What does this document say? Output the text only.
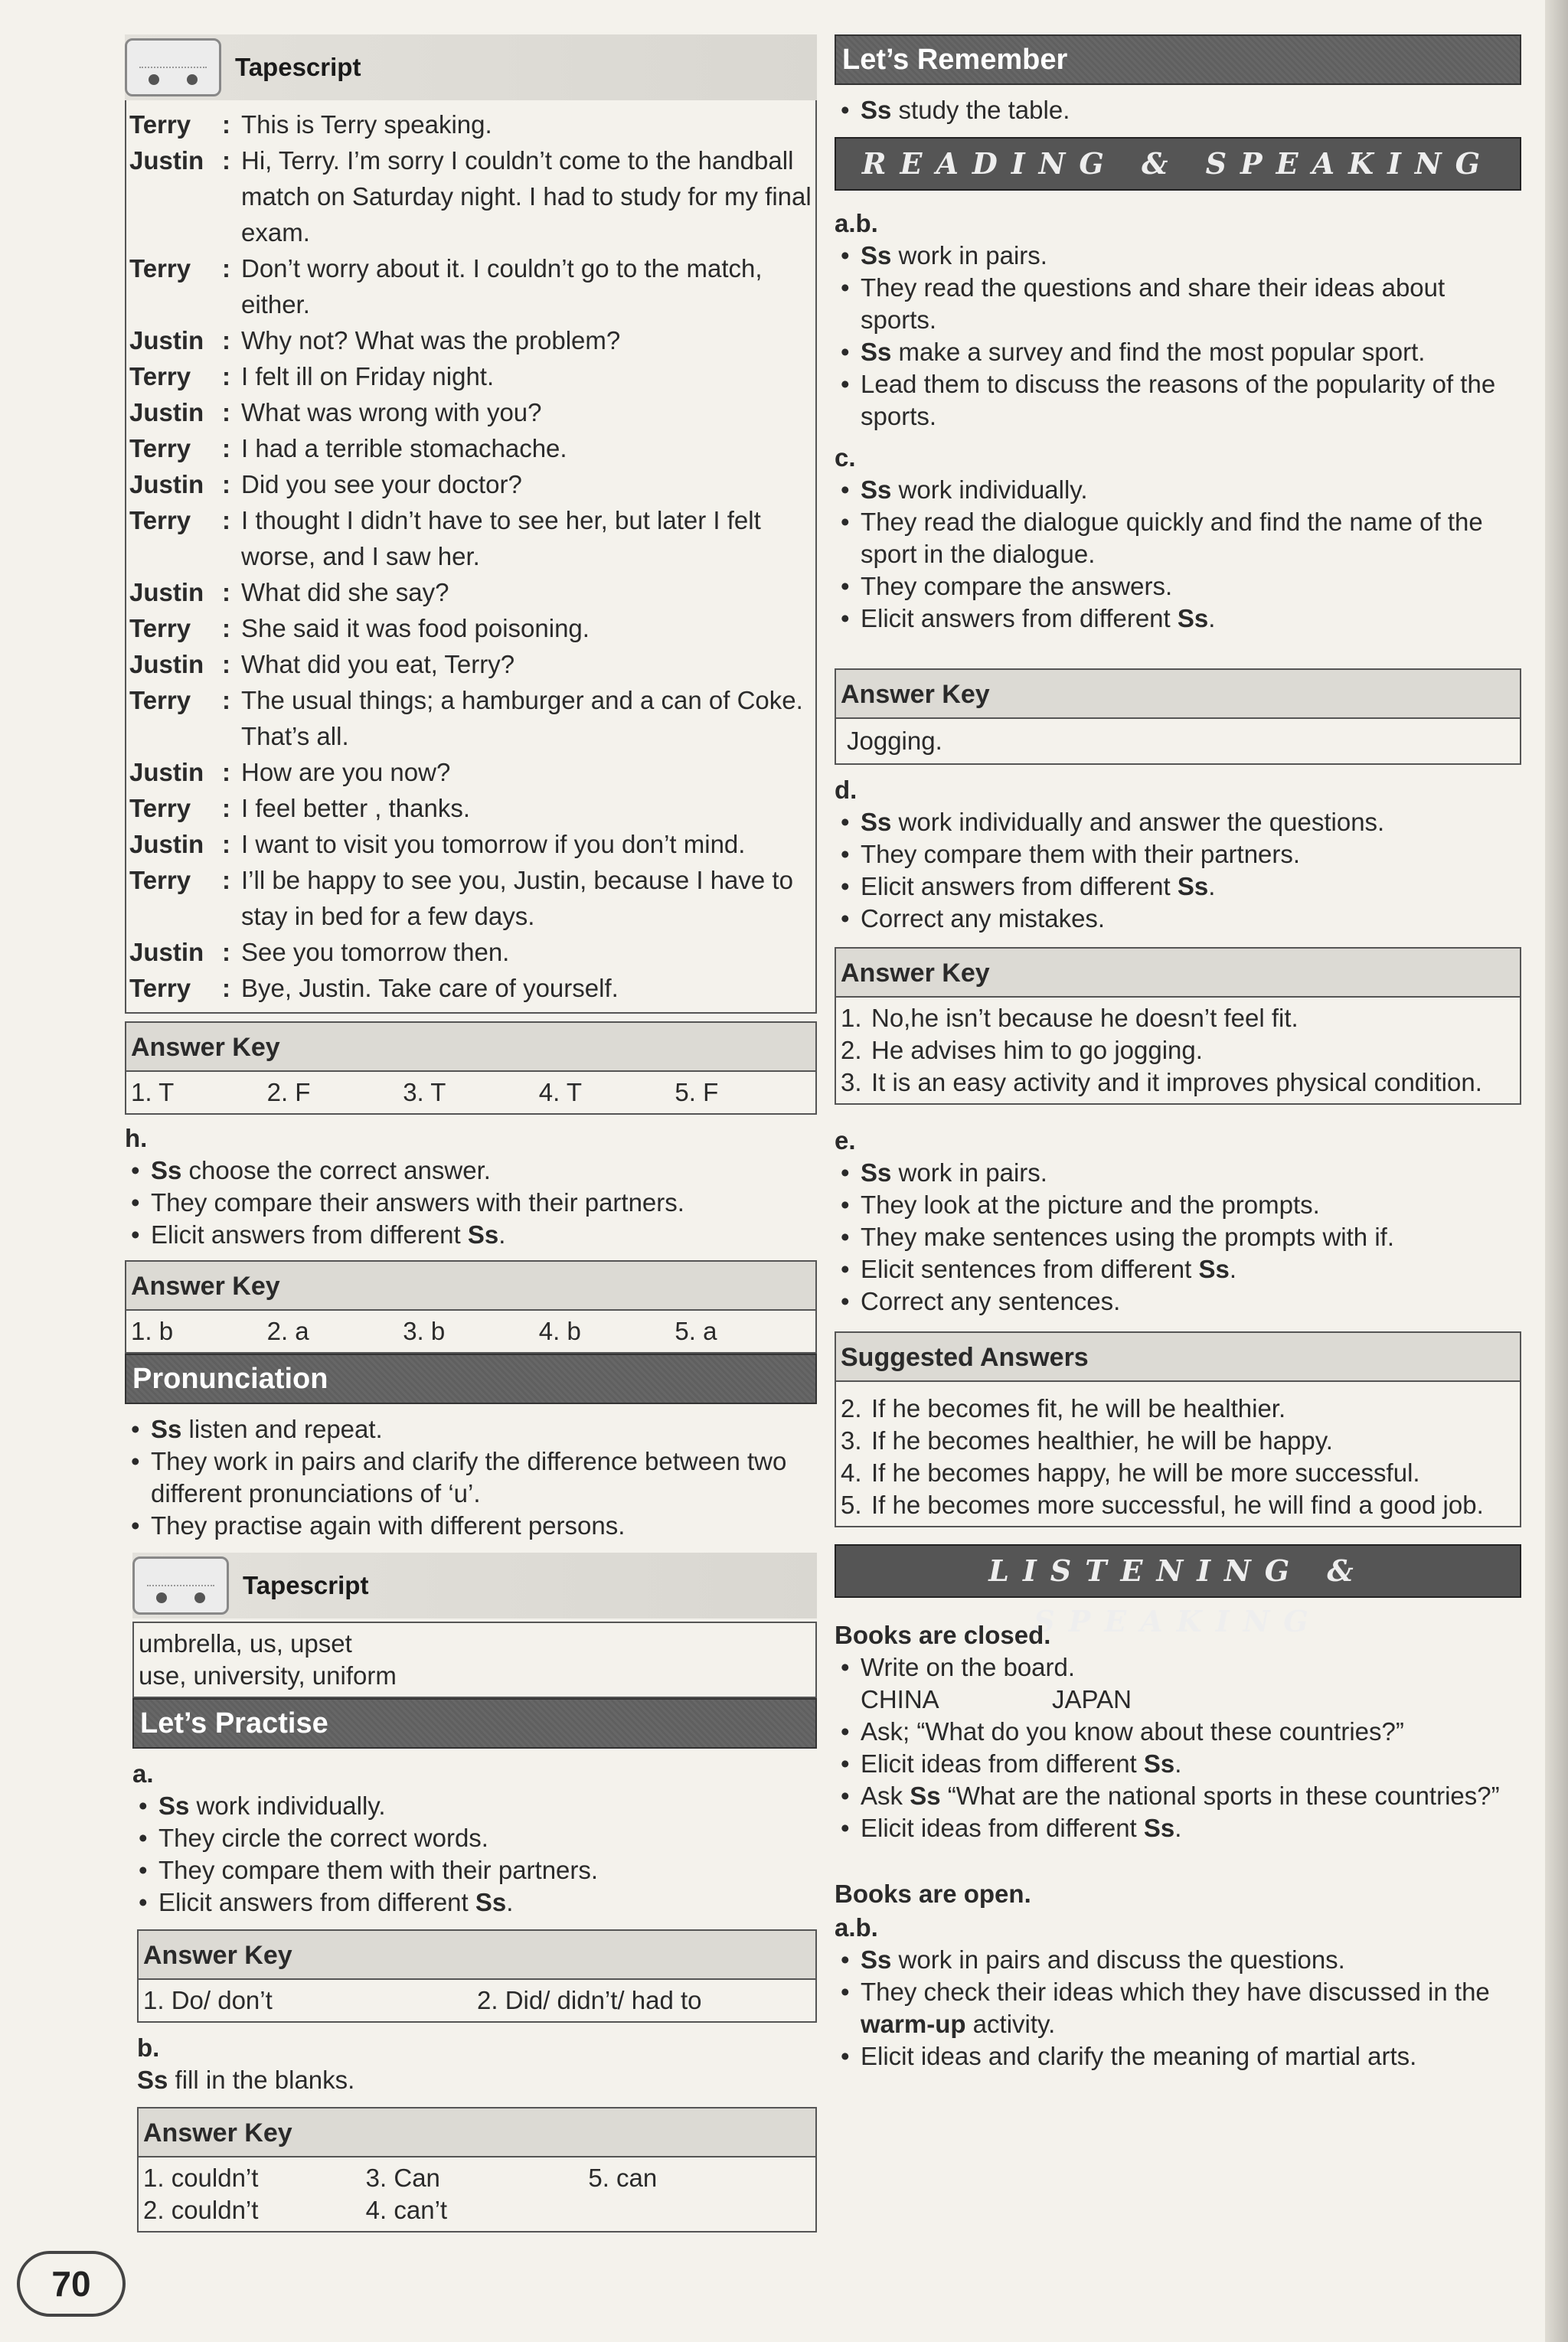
Tapescript
Terry : This is Terry speaking.
Justin : Hi, Terry. I’m sorry I couldn’t come to the handball match on Saturday night. I had to study for my final exam.
Terry : Don’t worry about it. I couldn’t go to the match, either.
Justin : Why not? What was the problem?
Terry : I felt ill on Friday night.
Justin : What was wrong with you?
Terry : I had a terrible stomachache.
Justin : Did you see your doctor?
Terry : I thought I didn’t have to see her, but later I felt worse, and I saw her.
Justin : What did she say?
Terry : She said it was food poisoning.
Justin : What did you eat, Terry?
Terry : The usual things; a hamburger and a can of Coke. That’s all.
Justin : How are you now?
Terry : I feel better , thanks.
Justin : I want to visit you tomorrow if you don’t mind.
Terry : I’ll be happy to see you, Justin, because I have to stay in bed for a few days.
Justin : See you tomorrow then.
Terry : Bye, Justin. Take care of yourself.
Answer Key
1. T	2. F	3. T	4. T	5. F
h.
• Ss choose the correct answer.
• They compare their answers with their partners.
• Elicit answers from different Ss.
Answer Key
1. b	2. a	3. b	4. b	5. a
Pronunciation
• Ss listen and repeat.
• They work in pairs and clarify the difference between two different pronunciations of ‘u’.
• They practise again with different persons.
Tapescript
umbrella, us, upset
use, university, uniform
Let’s Practise
a.
• Ss work individually.
• They circle the correct words.
• They compare them with their partners.
• Elicit answers from different Ss.
Answer Key
1. Do/ don’t	2. Did/ didn’t/ had to
b.
Ss fill in the blanks.
Answer Key
1. couldn’t
2. couldn’t
3. Can
4. can’t
5. can
70
Let’s Remember
• Ss study the table.
READING & SPEAKING
a.b.
• Ss work in pairs.
• They read the questions and share their ideas about sports.
• Ss make a survey and find the most popular sport.
• Lead them to discuss the reasons of the popularity of the sports.
c.
• Ss work individually.
• They read the dialogue quickly and find the name of the sport in the dialogue.
• They compare the answers.
• Elicit answers from different Ss.
Answer Key
Jogging.
d.
• Ss work individually and answer the questions.
• They compare them with their partners.
• Elicit answers from different Ss.
• Correct any mistakes.
Answer Key
1. No,he isn’t because he doesn’t feel fit.
2. He advises him to go jogging.
3. It is an easy activity and it improves physical condition.
e.
• Ss work in pairs.
• They look at the picture and the prompts.
• They make sentences using the prompts with if.
• Elicit sentences from different Ss.
• Correct any sentences.
Suggested Answers
2. If he becomes fit, he will be healthier.
3. If he becomes healthier, he will be happy.
4. If he becomes happy, he will be more successful.
5. If he becomes more successful, he will find a good job.
LISTENING & SPEAKING
Books are closed.
• Write on the board.
CHINA	JAPAN
• Ask; “What do you know about these countries?”
• Elicit ideas from different Ss.
• Ask Ss “What are the national sports in these countries?”
• Elicit ideas from different Ss.
Books are open.
a.b.
• Ss work in pairs and discuss the questions.
• They check their ideas which they have discussed in the warm-up activity.
• Elicit ideas and clarify the meaning of martial arts.
